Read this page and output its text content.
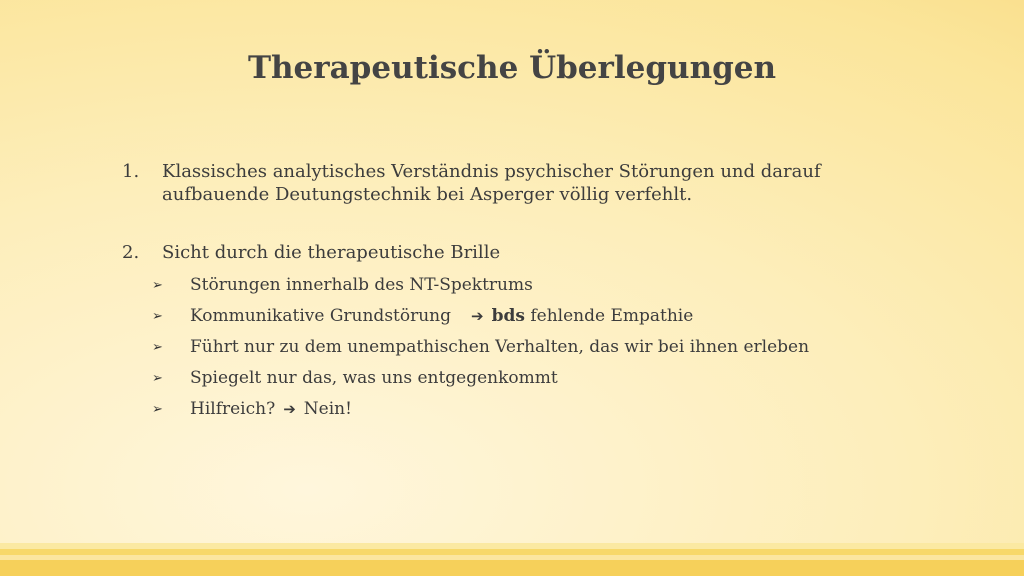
Therapeutische Überlegungen
1.	Klassisches analytisches Verständnis psychischer Störungen und darauf aufbauende Deutungstechnik bei Asperger völlig verfehlt.
2.	Sicht durch die therapeutische Brille
➢	Störungen innerhalb des NT-Spektrums
➢	Kommunikative Grundstörung ➔ bds fehlende Empathie
➢	Führt nur zu dem unempathischen Verhalten, das wir bei ihnen erleben
➢	Spiegelt nur das, was uns entgegenkommt
➢	Hilfreich? ➔ Nein!
